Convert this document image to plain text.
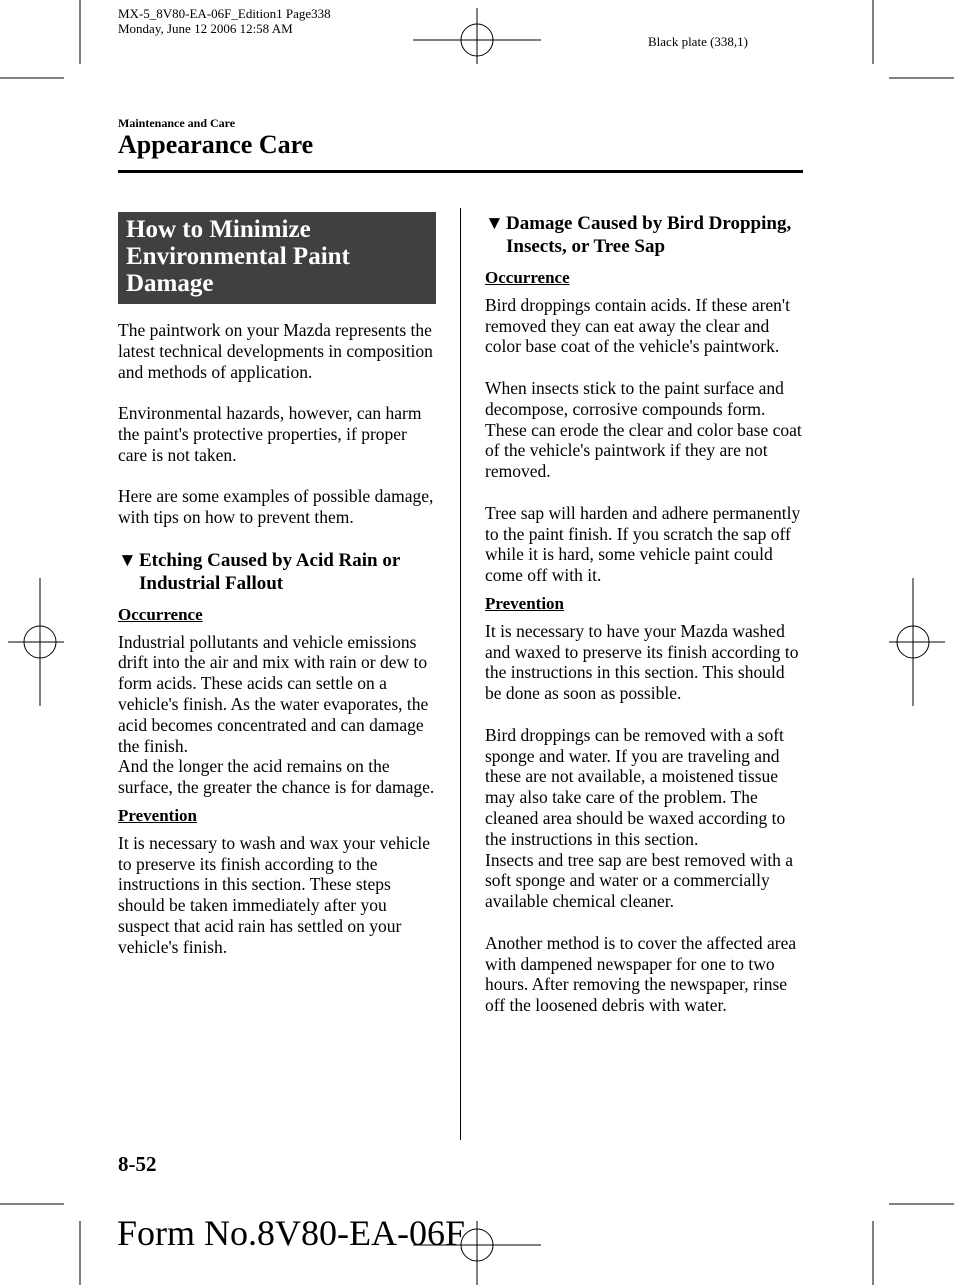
MX-5_8V80-EA-06F_Edition1 Page338
Monday, June 12 2006 12:58 AM
Black plate (338,1)
Maintenance and Care
Appearance Care
How to Minimize
Environmental Paint Damage

The paintwork on your Mazda represents the latest technical developments in composition and methods of application.

Environmental hazards, however, can harm the paint's protective properties, if proper care is not taken.

Here are some examples of possible damage, with tips on how to prevent them.

▼ Etching Caused by Acid Rain or Industrial Fallout
Occurrence

Industrial pollutants and vehicle emissions drift into the air and mix with rain or dew to form acids. These acids can settle on a vehicle's finish. As the water evaporates, the acid becomes concentrated and can damage the finish.

And the longer the acid remains on the surface, the greater the chance is for damage.

Prevention

It is necessary to wash and wax your vehicle to preserve its finish according to the instructions in this section. These steps should be taken immediately after you suspect that acid rain has settled on your vehicle's finish.

▼ Damage Caused by Bird Dropping, Insects, or Tree Sap
Occurrence

Bird droppings contain acids. If these aren't removed they can eat away the clear and color base coat of the vehicle's paintwork.

When insects stick to the paint surface and decompose, corrosive compounds form. These can erode the clear and color base coat of the vehicle's paintwork if they are not removed.

Tree sap will harden and adhere permanently to the paint finish. If you scratch the sap off while it is hard, some vehicle paint could come off with it.

Prevention

It is necessary to have your Mazda washed and waxed to preserve its finish according to the instructions in this section. This should be done as soon as possible.

Bird droppings can be removed with a soft sponge and water. If you are traveling and these are not available, a moistened tissue may also take care of the problem. The cleaned area should be waxed according to the instructions in this section.

Insects and tree sap are best removed with a soft sponge and water or a commercially available chemical cleaner.

Another method is to cover the affected area with dampened newspaper for one to two hours. After removing the newspaper, rinse off the loosened debris with water.

8-52
Form No.8V80-EA-06F
